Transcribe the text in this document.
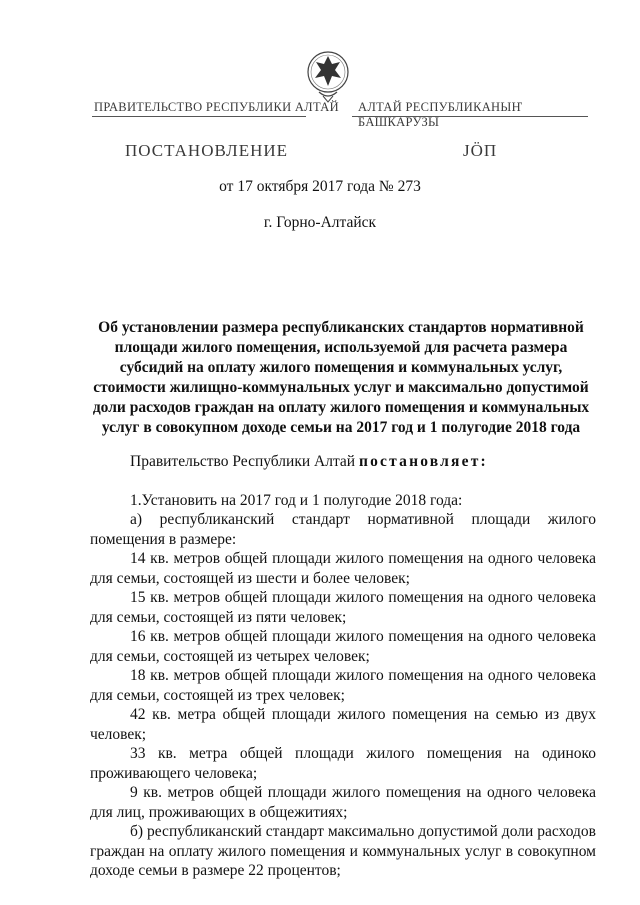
ПРАВИТЕЛЬСТВО РЕСПУБЛИКИ АЛТАЙ АЛТАЙ РЕСПУБЛИКАНЫҤ БАШКАРУЗЫ
ПОСТАНОВЛЕНИЕ	ЈÖП
от 17 октября 2017 года № 273
г. Горно-Алтайск
Об установлении размера республиканских стандартов нормативной
площади жилого помещения, используемой для расчета размера
субсидий на оплату жилого помещения и коммунальных услуг,
стоимости жилищно-коммунальных услуг и максимально допустимой
доли расходов граждан на оплату жилого помещения и коммунальных
услуг в совокупном доходе семьи на 2017 год и 1 полугодие 2018 года

Правительство Республики Алтай постановляет:

1.Установить на 2017 год и 1 полугодие 2018 года:

а) республиканский стандарт нормативной площади жилого помещения в размере:

14 кв. метров общей площади жилого помещения на одного человека для семьи, состоящей из шести и более человек;

15 кв. метров общей площади жилого помещения на одного человека для семьи, состоящей из пяти человек;

16 кв. метров общей площади жилого помещения на одного человека для семьи, состоящей из четырех человек;

18 кв. метров общей площади жилого помещения на одного человека для семьи, состоящей из трех человек;

42 кв. метра общей площади жилого помещения на семью из двух человек;

33 кв. метра общей площади жилого помещения на одиноко проживающего человека;

9 кв. метров общей площади жилого помещения на одного человека для лиц, проживающих в общежитиях;

б) республиканский стандарт максимально допустимой доли расходов граждан на оплату жилого помещения и коммунальных услуг в совокупном доходе семьи в размере 22 процентов;
